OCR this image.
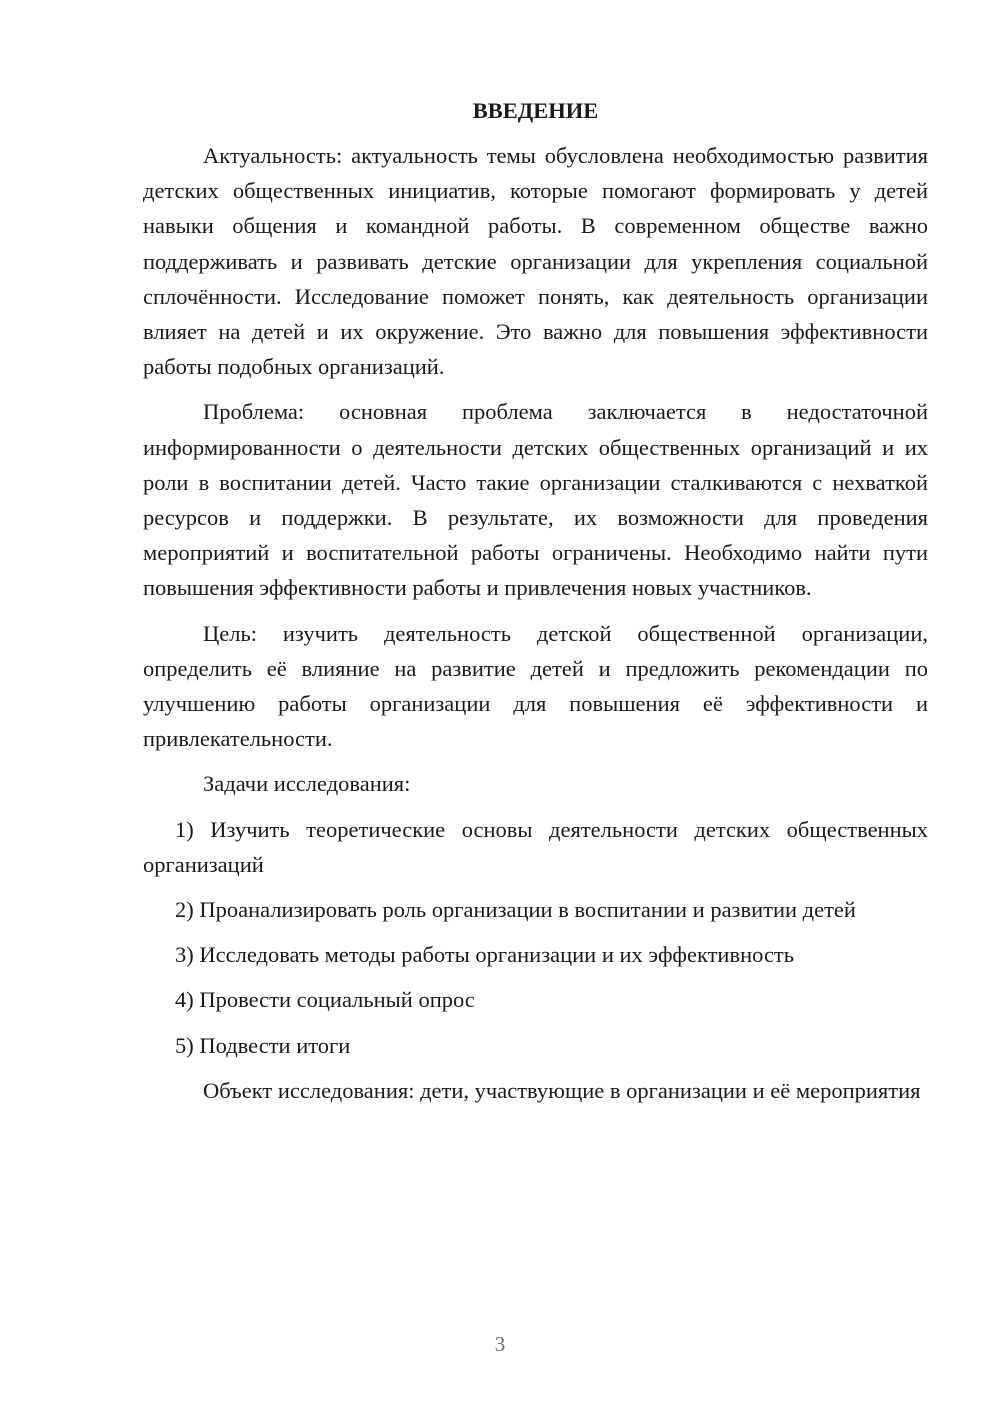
ВВЕДЕНИЕ

Актуальность: актуальность темы обусловлена необходимостью развития детских общественных инициатив, которые помогают формировать у детей навыки общения и командной работы. В современном обществе важно поддерживать и развивать детские организации для укрепления социальной сплочённости. Исследование поможет понять, как деятельность организации влияет на детей и их окружение. Это важно для повышения эффективности работы подобных организаций.

Проблема: основная проблема заключается в недостаточной информированности о деятельности детских общественных организаций и их роли в воспитании детей. Часто такие организации сталкиваются с нехваткой ресурсов и поддержки. В результате, их возможности для проведения мероприятий и воспитательной работы ограничены. Необходимо найти пути повышения эффективности работы и привлечения новых участников.

Цель: изучить деятельность детской общественной организации, определить её влияние на развитие детей и предложить рекомендации по улучшению работы организации для повышения её эффективности и привлекательности.

Задачи исследования:

1) Изучить теоретические основы деятельности детских общественных организаций

2) Проанализировать роль организации в воспитании и развитии детей

3) Исследовать методы работы организации и их эффективность

4) Провести социальный опрос

5) Подвести итоги

Объект исследования: дети, участвующие в организации и её мероприятия

3
